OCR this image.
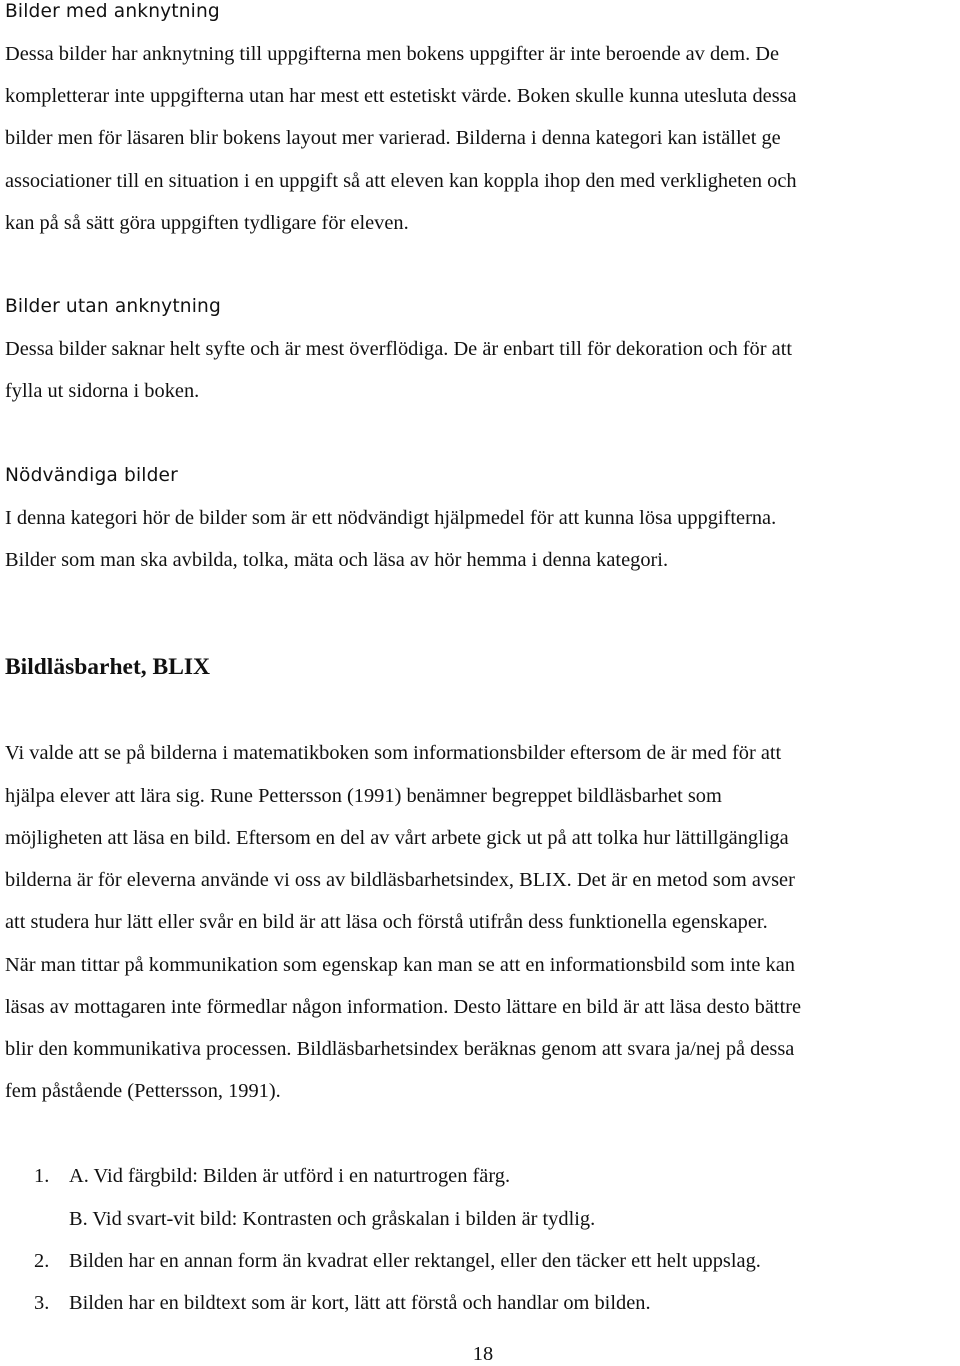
Bilder med anknytning
Dessa bilder har anknytning till uppgifterna men bokens uppgifter är inte beroende av dem. De
kompletterar inte uppgifterna utan har mest ett estetiskt värde. Boken skulle kunna utesluta dessa
bilder men för läsaren blir bokens layout mer varierad. Bilderna i denna kategori kan istället ge
associationer till en situation i en uppgift så att eleven kan koppla ihop den med verkligheten och
kan på så sätt göra uppgiften tydligare för eleven.
Bilder utan anknytning
Dessa bilder saknar helt syfte och är mest överflödiga. De är enbart till för dekoration och för att
fylla ut sidorna i boken.
Nödvändiga bilder
I denna kategori hör de bilder som är ett nödvändigt hjälpmedel för att kunna lösa uppgifterna.
Bilder som man ska avbilda, tolka, mäta och läsa av hör hemma i denna kategori.
Bildläsbarhet, BLIX
Vi valde att se på bilderna i matematikboken som informationsbilder eftersom de är med för att
hjälpa elever att lära sig. Rune Pettersson (1991) benämner begreppet bildläsbarhet som
möjligheten att läsa en bild. Eftersom en del av vårt arbete gick ut på att tolka hur lättillgängliga
bilderna är för eleverna använde vi oss av bildläsbarhetsindex, BLIX. Det är en metod som avser
att studera hur lätt eller svår en bild är att läsa och förstå utifrån dess funktionella egenskaper.
När man tittar på kommunikation som egenskap kan man se att en informationsbild som inte kan
läsas av mottagaren inte förmedlar någon information. Desto lättare en bild är att läsa desto bättre
blir den kommunikativa processen. Bildläsbarhetsindex beräknas genom att svara ja/nej på dessa
fem påstående (Pettersson, 1991).
1. A. Vid färgbild: Bilden är utförd i en naturtrogen färg.
B. Vid svart-vit bild: Kontrasten och gråskalan i bilden är tydlig.
2. Bilden har en annan form än kvadrat eller rektangel, eller den täcker ett helt uppslag.
3. Bilden har en bildtext som är kort, lätt att förstå och handlar om bilden.
18
